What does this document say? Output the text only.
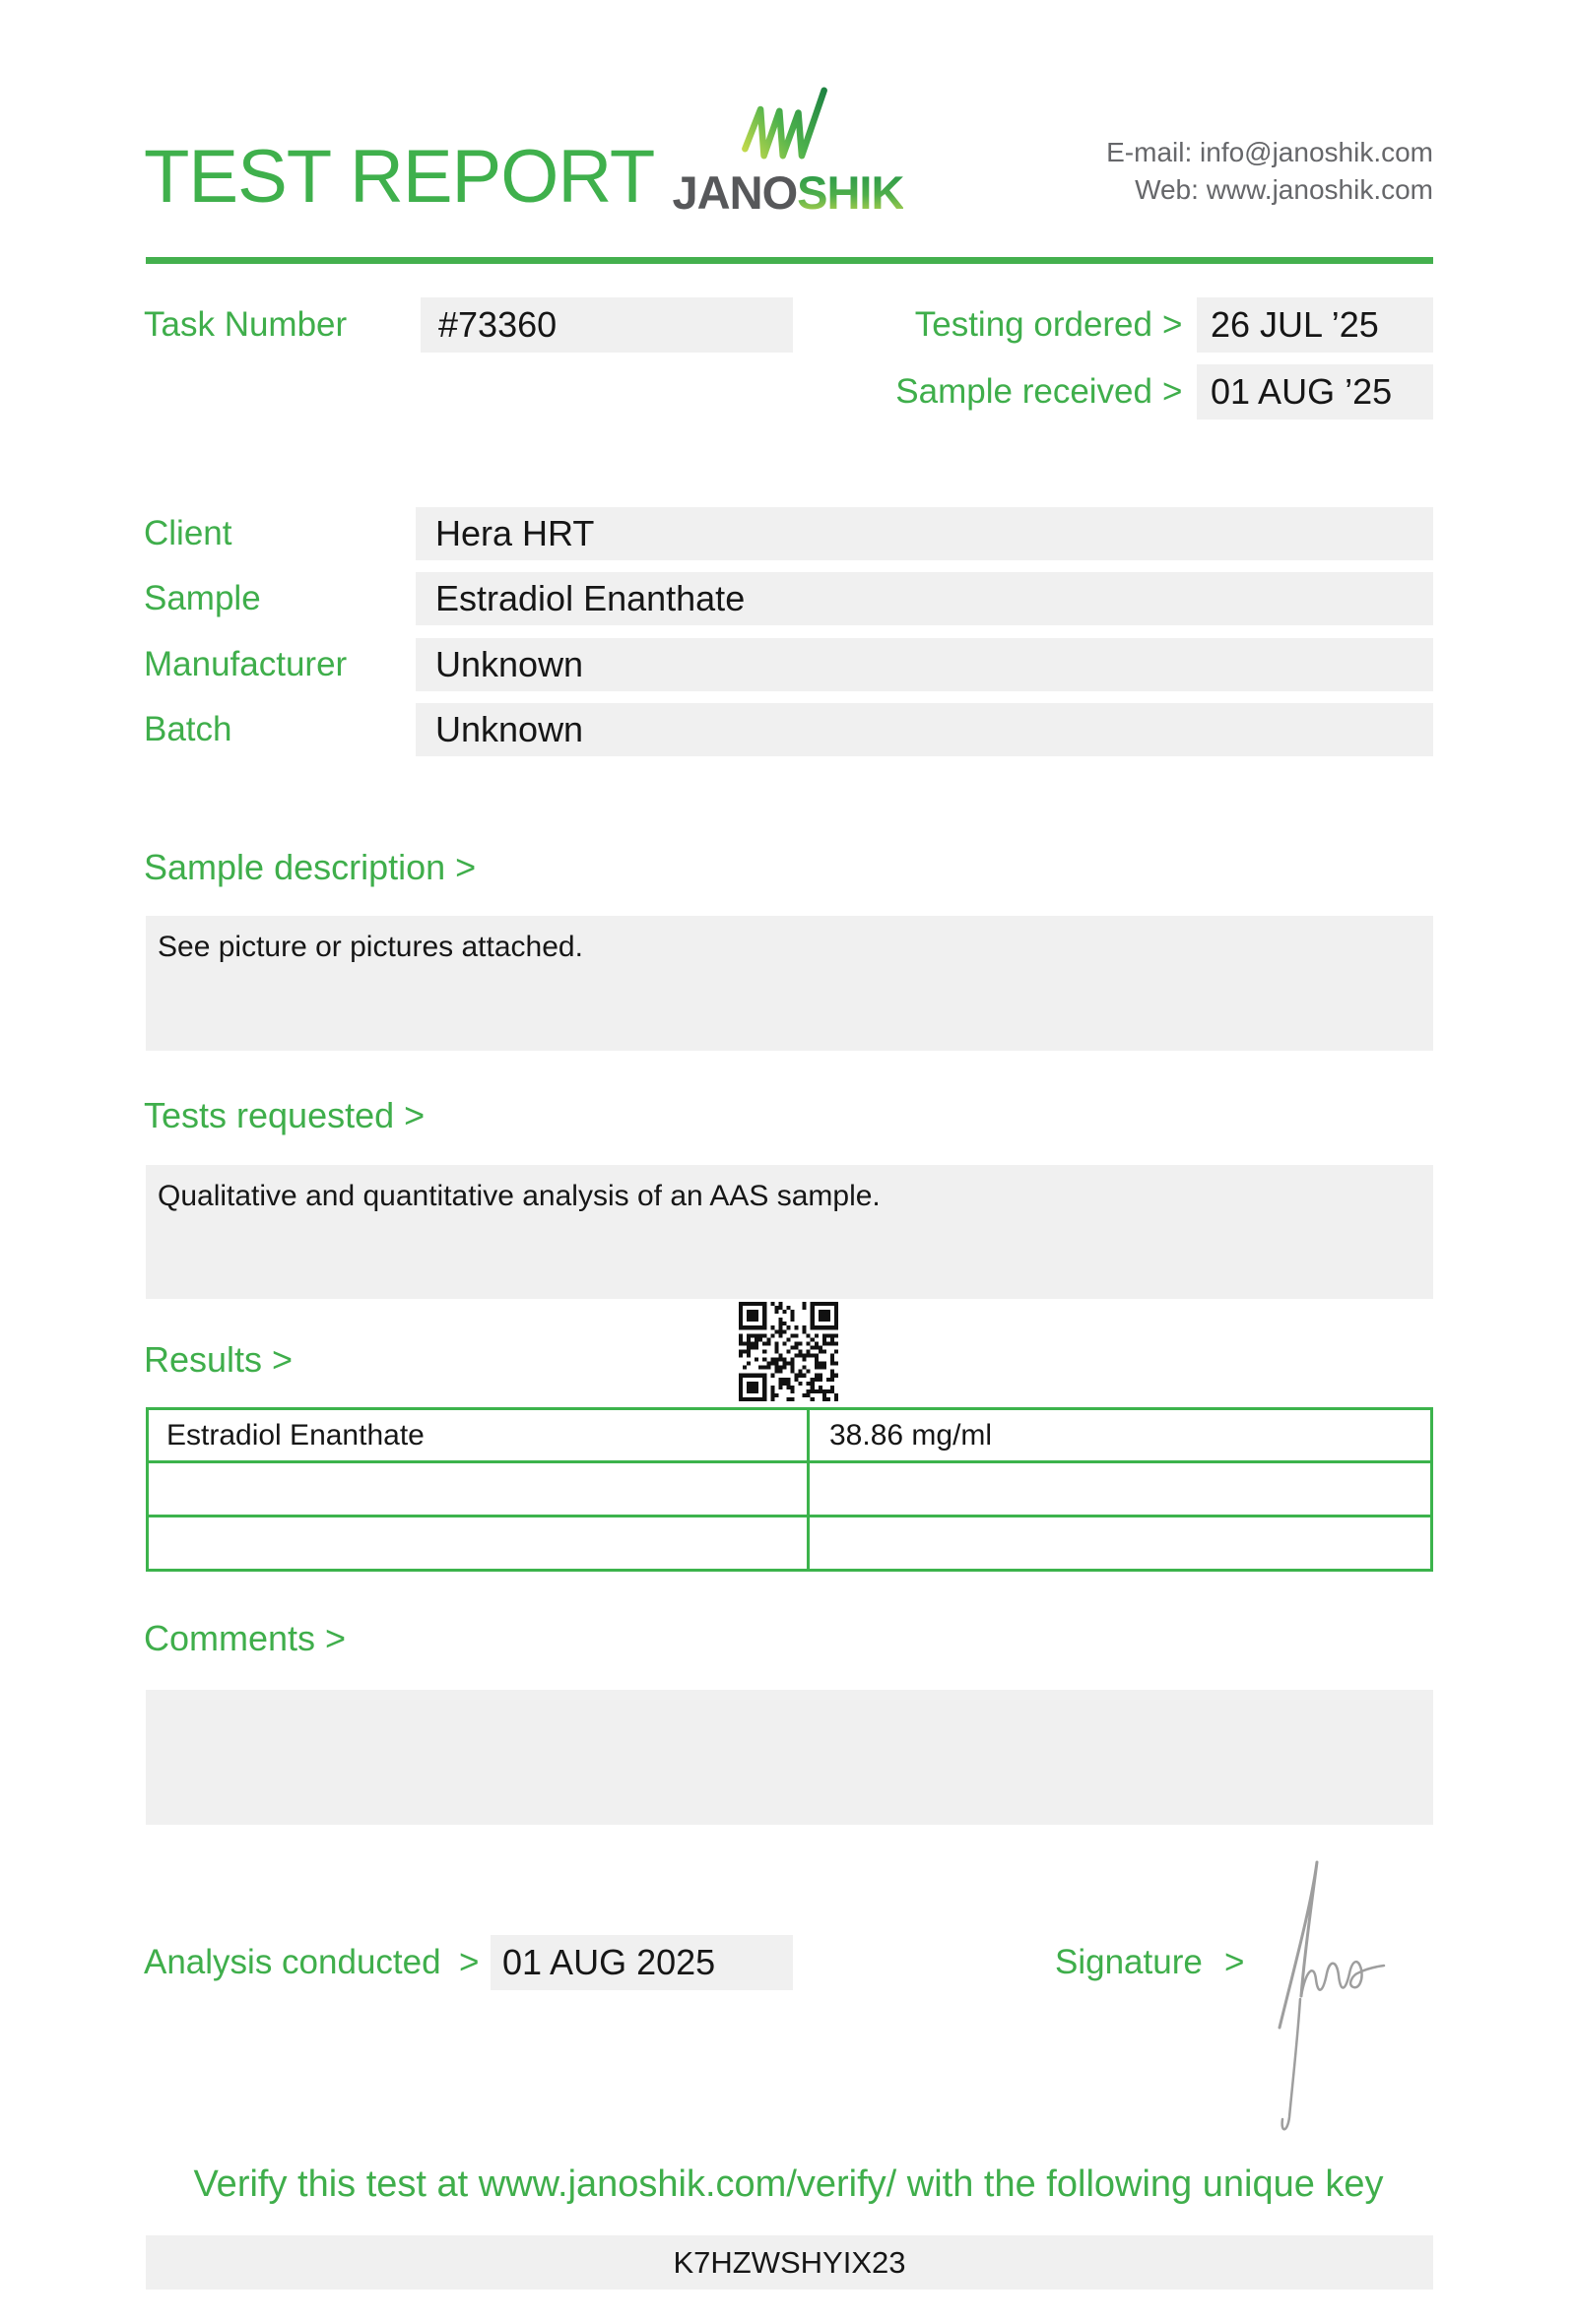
TEST REPORT JANOSHIK
E-mail: info@janoshik.com
Web: www.janoshik.com
Task Number	#73360	Testing ordered > 26 JUL ’25
Sample received > 01 AUG ’25
Client	Hera HRT
Sample	Estradiol Enanthate
Manufacturer	Unknown
Batch	Unknown
Sample description >
See picture or pictures attached.
Tests requested >
Qualitative and quantitative analysis of an AAS sample.
Results >
Estradiol Enanthate	38.86 mg/ml

Comments >
Analysis conducted > 01 AUG 2025	Signature >
Verify this test at www.janoshik.com/verify/ with the following unique key
K7HZWSHYIX23
